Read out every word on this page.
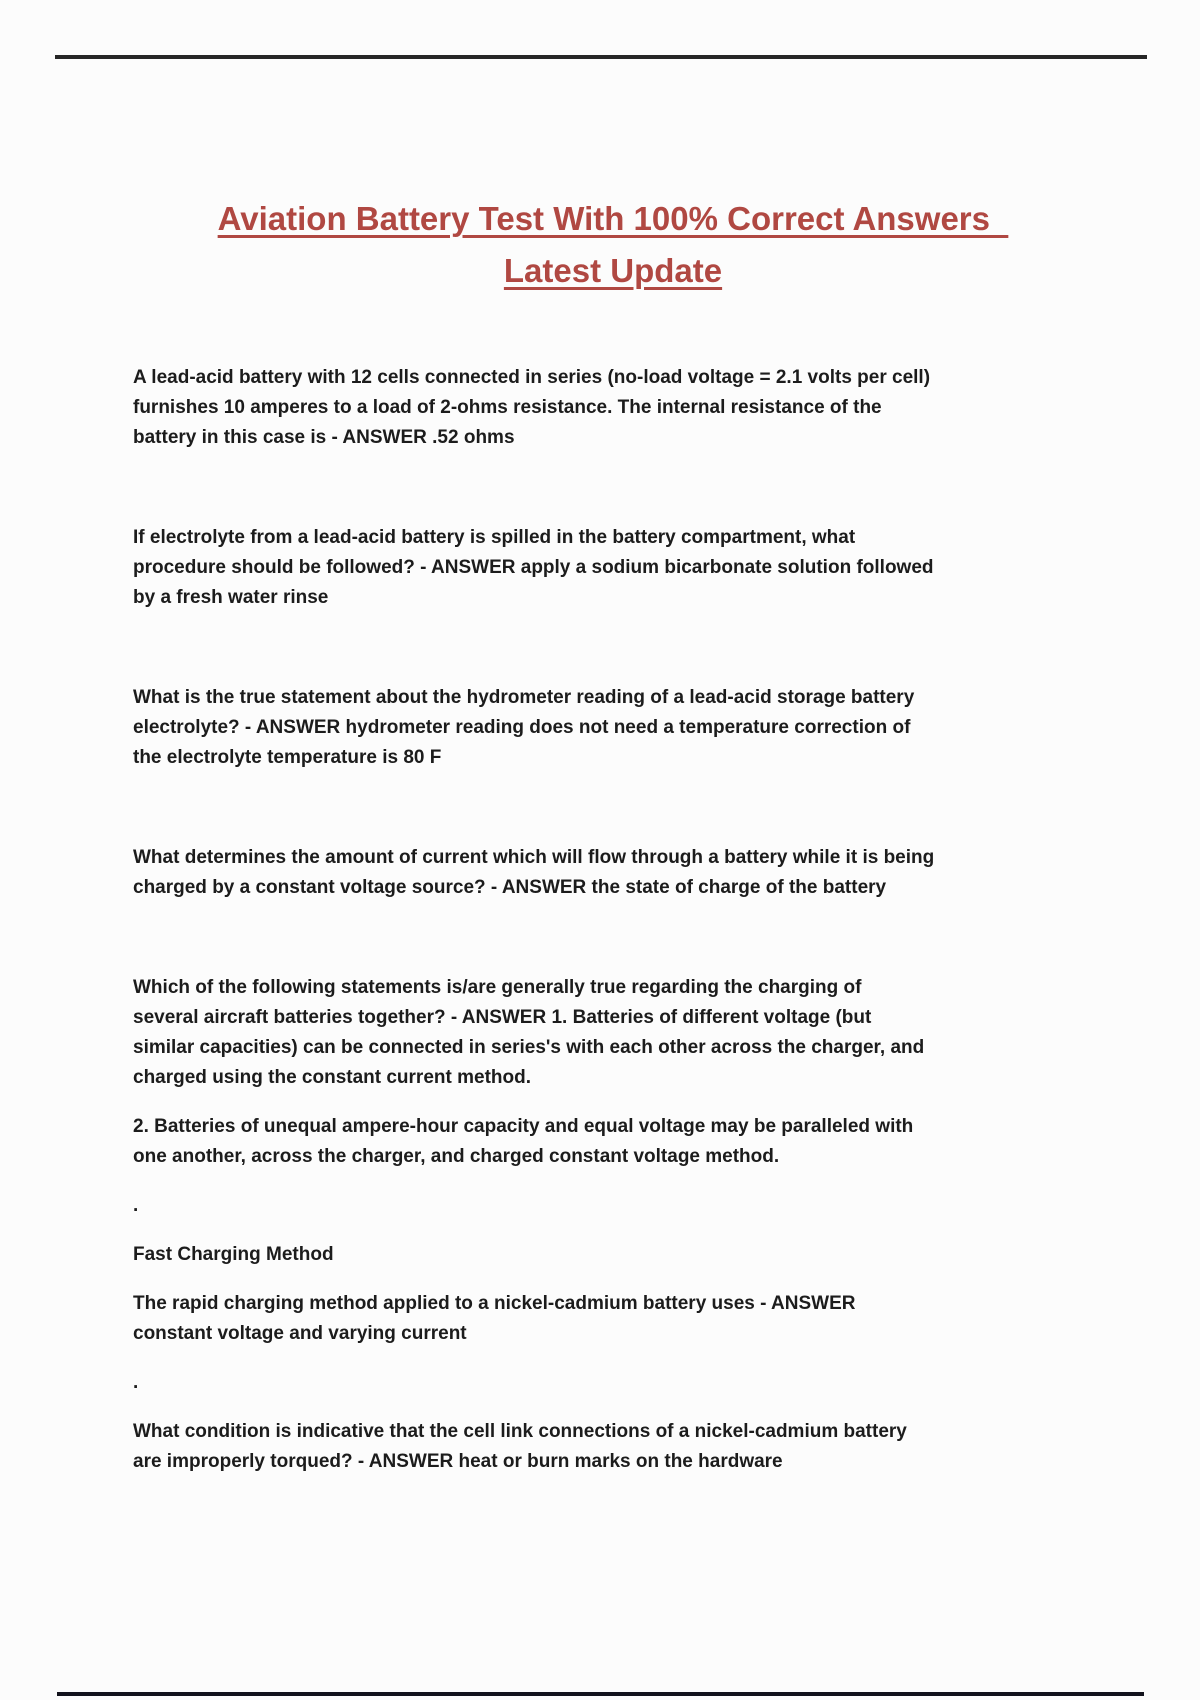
Aviation Battery Test With 100% Correct Answers
Latest Update

A lead-acid battery with 12 cells connected in series (no-load voltage = 2.1 volts per cell)
furnishes 10 amperes to a load of 2-ohms resistance. The internal resistance of the
battery in this case is - ANSWER .52 ohms

If electrolyte from a lead-acid battery is spilled in the battery compartment, what
procedure should be followed? - ANSWER apply a sodium bicarbonate solution followed
by a fresh water rinse

What is the true statement about the hydrometer reading of a lead-acid storage battery
electrolyte? - ANSWER hydrometer reading does not need a temperature correction of
the electrolyte temperature is 80 F

What determines the amount of current which will flow through a battery while it is being
charged by a constant voltage source? - ANSWER the state of charge of the battery

Which of the following statements is/are generally true regarding the charging of
several aircraft batteries together? - ANSWER 1. Batteries of different voltage (but
similar capacities) can be connected in series's with each other across the charger, and
charged using the constant current method.

2. Batteries of unequal ampere-hour capacity and equal voltage may be paralleled with
one another, across the charger, and charged constant voltage method.

.

Fast Charging Method

The rapid charging method applied to a nickel-cadmium battery uses - ANSWER
constant voltage and varying current

.

What condition is indicative that the cell link connections of a nickel-cadmium battery
are improperly torqued? - ANSWER heat or burn marks on the hardware
